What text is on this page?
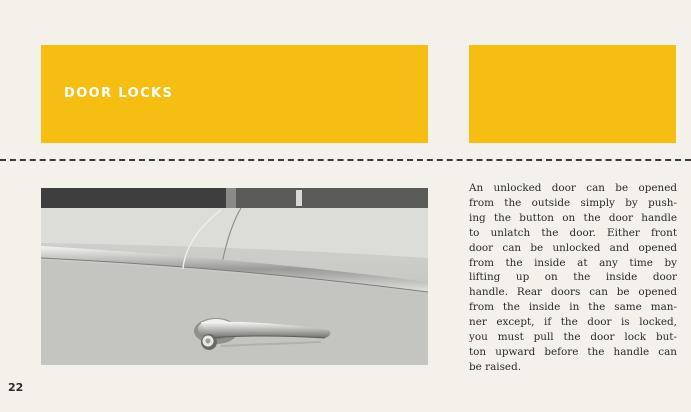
DOOR LOCKS
An unlocked door can be opened
from the outside simply by push-
ing the button on the door handle
to unlatch the door. Either front
door can be unlocked and opened
from the inside at any time by
lifting up on the inside door
handle. Rear doors can be opened
from the inside in the same man-
ner except, if the door is locked,
you must pull the door lock but-
ton upward before the handle can
be raised.
22
